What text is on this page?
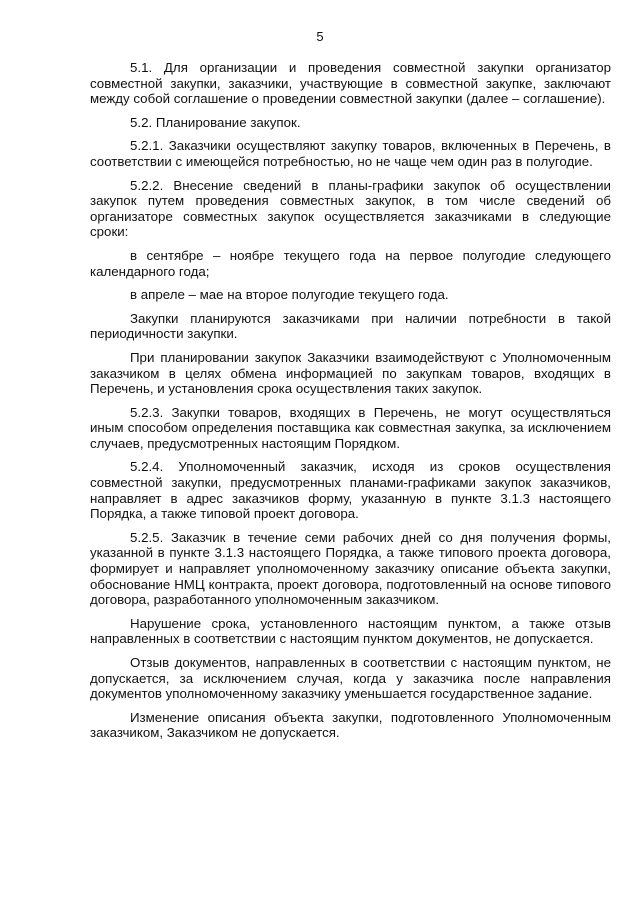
5

5.1. Для организации и проведения совместной закупки организатор совместной закупки, заказчики, участвующие в совместной закупке, заключают между собой соглашение о проведении совместной закупки (далее – соглашение).

5.2. Планирование закупок.

5.2.1. Заказчики осуществляют закупку товаров, включенных в Перечень, в соответствии с имеющейся потребностью, но не чаще чем один раз в полугодие.

5.2.2. Внесение сведений в планы-графики закупок об осуществлении закупок путем проведения совместных закупок, в том числе сведений об организаторе совместных закупок осуществляется заказчиками в следующие сроки:

в сентябре – ноябре текущего года на первое полугодие следующего календарного года;

в апреле – мае на второе полугодие текущего года.

Закупки планируются заказчиками при наличии потребности в такой периодичности закупки.

При планировании закупок Заказчики взаимодействуют с Уполномоченным заказчиком в целях обмена информацией по закупкам товаров, входящих в Перечень, и установления срока осуществления таких закупок.

5.2.3. Закупки товаров, входящих в Перечень, не могут осуществляться иным способом определения поставщика как совместная закупка, за исключением случаев, предусмотренных настоящим Порядком.

5.2.4. Уполномоченный заказчик, исходя из сроков осуществления совместной закупки, предусмотренных планами-графиками закупок заказчиков, направляет в адрес заказчиков форму, указанную в пункте 3.1.3 настоящего Порядка, а также типовой проект договора.

5.2.5. Заказчик в течение семи рабочих дней со дня получения формы, указанной в пункте 3.1.3 настоящего Порядка, а также типового проекта договора, формирует и направляет уполномоченному заказчику описание объекта закупки, обоснование НМЦ контракта, проект договора, подготовленный на основе типового договора, разработанного уполномоченным заказчиком.

Нарушение срока, установленного настоящим пунктом, а также отзыв направленных в соответствии с настоящим пунктом документов, не допускается.

Отзыв документов, направленных в соответствии с настоящим пунктом, не допускается, за исключением случая, когда у заказчика после направления документов уполномоченному заказчику уменьшается государственное задание.

Изменение описания объекта закупки, подготовленного Уполномоченным заказчиком, Заказчиком не допускается.
